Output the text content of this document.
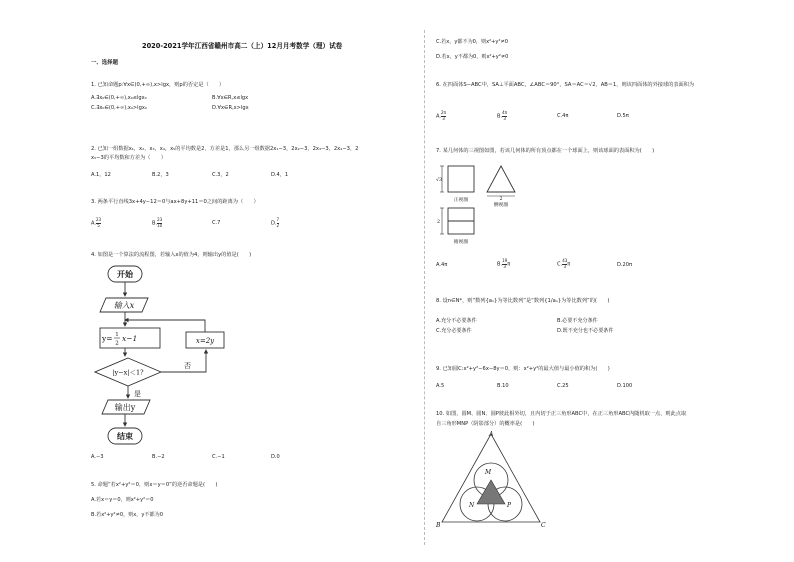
2020-2021学年江西省赣州市高二（上）12月月考数学（理）试卷
一、选择题
1. 已知命题p:∀x∈(0,+∞),x>lgx，则p的否定是（　　）
A.∃x₀∈(0,+∞),x₀≤lgx₀	B.∀x∈R,x≤lgx
C.∃x₀∈(0,+∞),x₀>lgx₀	D.∀x∈R,x>lgx
2. 已知一组数据x₁，x₂，x₃，x₄，x₅的平均数是2，方差是1，那么另一组数据2x₁−3，2x₂−3，2x₃−3，2x₄−3，2
x₅−3的平均数和方差为（　　）
A.1，12	B.2，3	C.3，2	D.4，1
3. 两条平行直线3x+4y−12＝0与ax+8y+11＝0之间的距离为（　　）
A. $\frac{23}{5}$	B. $\frac{23}{10}$	C.7	D. $\frac{7}{2}$
4. 如图是一个算法的流程图，若输入x的值为4，则输出y的值是(　　)
开始
输入x
y= 1
2
x−1
|y−x|＜1?
否
是
x=2y
输出y
结束
A.−3	B.−2	C.−1	D.0
5. 命题“若x²+y²＝0，则x＝y＝0”的逆否命题是(　　)
A.若x＝y＝0，则x²+y²＝0
B.若x²+y²≠0，则x，y不都为0
C.若x，y都不为0，则x²+y²≠0
D.若x，y不都为0，则x²+y²≠0
6. 在四面体S−ABC中，SA⊥平面ABC，∠ABC＝90°，SA＝AC＝√2，AB＝1，则该四面体的外接球的表面积为
A. $\frac{2\pi}{3}$	B. $\frac{4\pi}{3}$	C.4π	D.5π
7. 某几何体的三视图如图，若该几何体的所有顶点都在一个球面上，则该球面的表面积为(　　)
√3
2
2
正视图
侧视图
俯视图
A.4π	B. $\frac{19}{3}$ π	C. $\frac{43}{3}$ π	D.20π
8. 设n∈N*，则“数列{aₙ}为等比数列”是“数列{1/aₙ}为等比数列”的(　　)
A.充分不必要条件	B.必要不充分条件
C.充分必要条件	D.既不充分也不必要条件
9. 已知圆C:x²+y²−6x−8y＝0，则：x²+y²的最大值与最小值的积为(　　)
A.5	B.10	C.25	D.100
10. 如图，圆M、圆N、圆P彼此相外切，且内切于正三角形ABC中，在正三角形ABC内随机取一点，则此点取
自三角形MNP（阴影部分）的概率是(　　)
A
B	C
M
N	P
